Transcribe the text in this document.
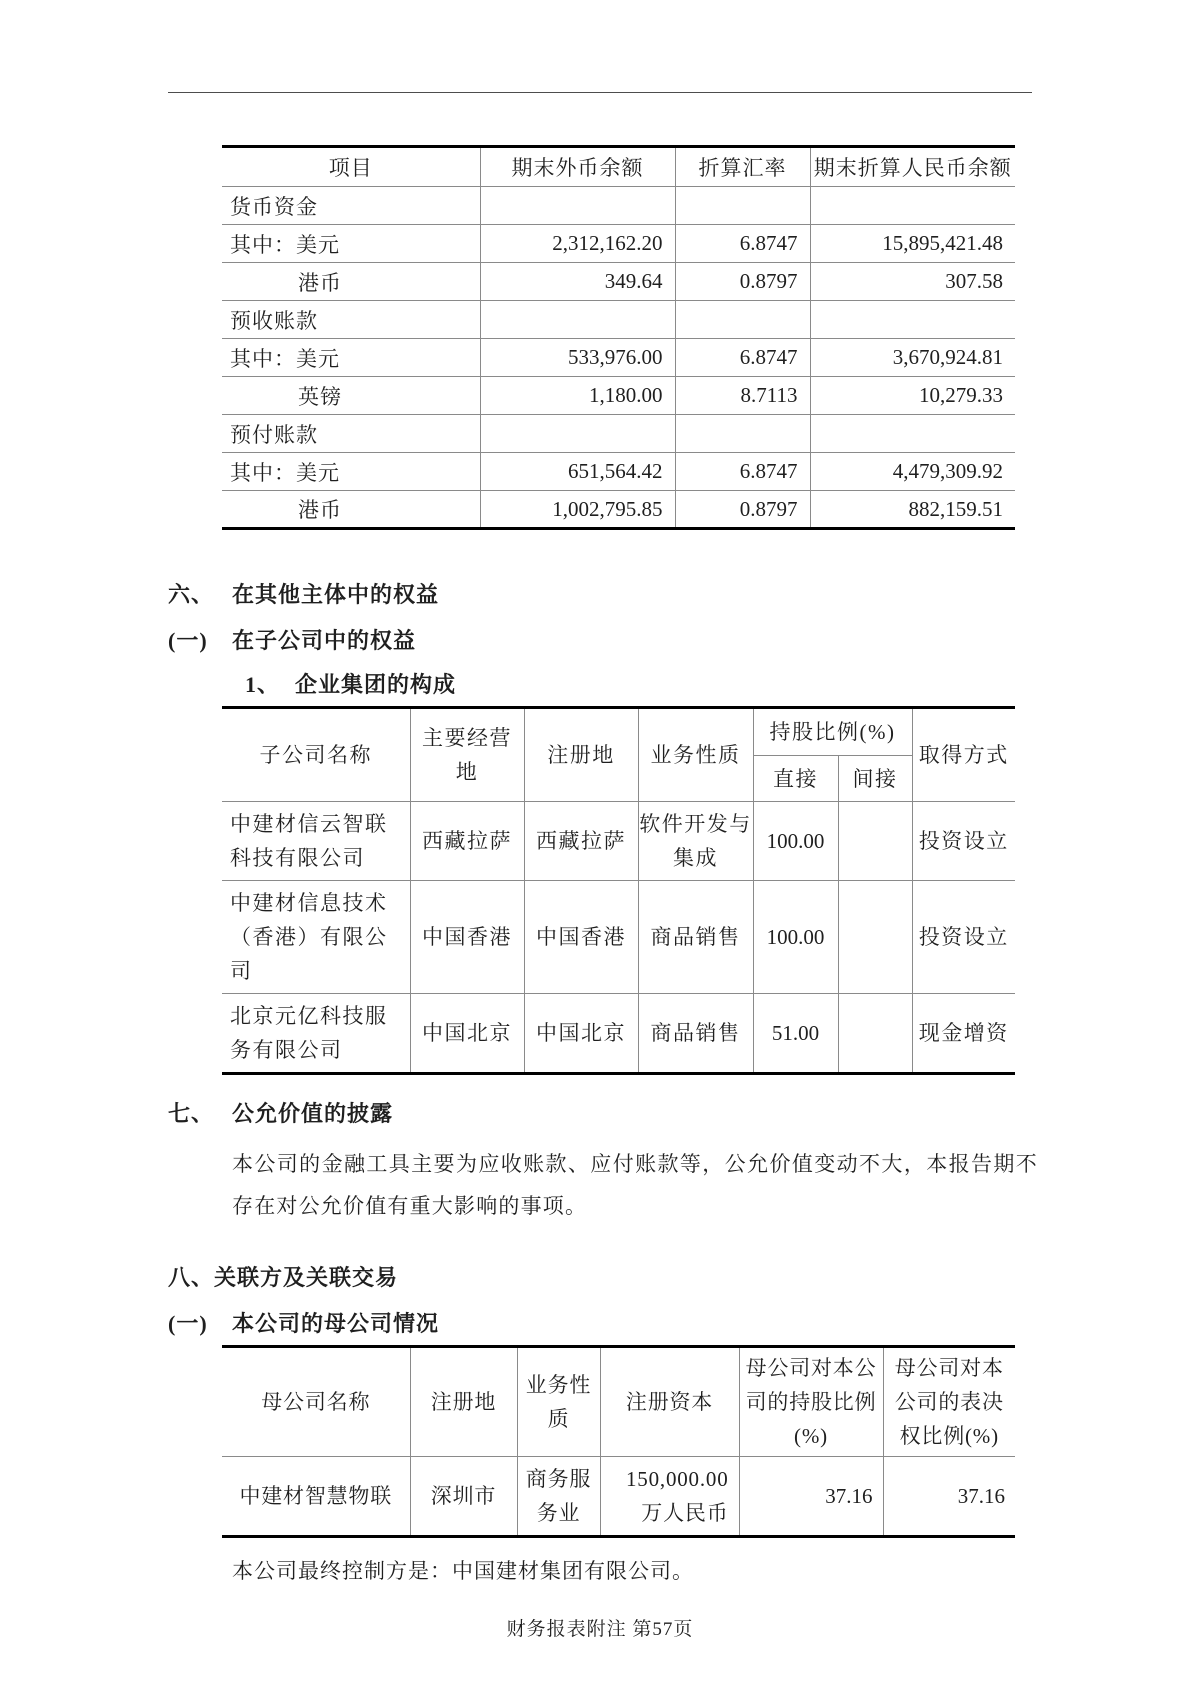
项目	期末外币余额	折算汇率	期末折算人民币余额
货币资金			
其中：美元	2,312,162.20	6.8747	15,895,421.48
港币	349.64	0.8797	307.58
预收账款			
其中：美元	533,976.00	6.8747	3,670,924.81
英镑	1,180.00	8.7113	10,279.33
预付账款			
其中：美元	651,564.42	6.8747	4,479,309.92
港币	1,002,795.85	0.8797	882,159.51
六、 在其他主体中的权益
(一)	在子公司中的权益
1、 企业集团的构成
子公司名称	主要经营地	注册地	业务性质	持股比例(%)		取得方式
				直接	间接	
中建材信云智联科技有限公司	西藏拉萨	西藏拉萨	软件开发与集成	100.00		投资设立
中建材信息技术（香港）有限公司	中国香港	中国香港	商品销售	100.00		投资设立
北京元亿科技服务有限公司	中国北京	中国北京	商品销售	51.00		现金增资
七、 公允价值的披露
本公司的金融工具主要为应收账款、应付账款等，公允价值变动不大，本报告期不存在对公允价值有重大影响的事项。
八、 关联方及关联交易
(一)	本公司的母公司情况
母公司名称	注册地	业务性质	注册资本	母公司对本公司的持股比例(%)	母公司对本公司的表决权比例(%)
中建材智慧物联	深圳市	商务服务业	150,000.00 万人民币	37.16	37.16
本公司最终控制方是：中国建材集团有限公司。
财务报表附注 第57页
